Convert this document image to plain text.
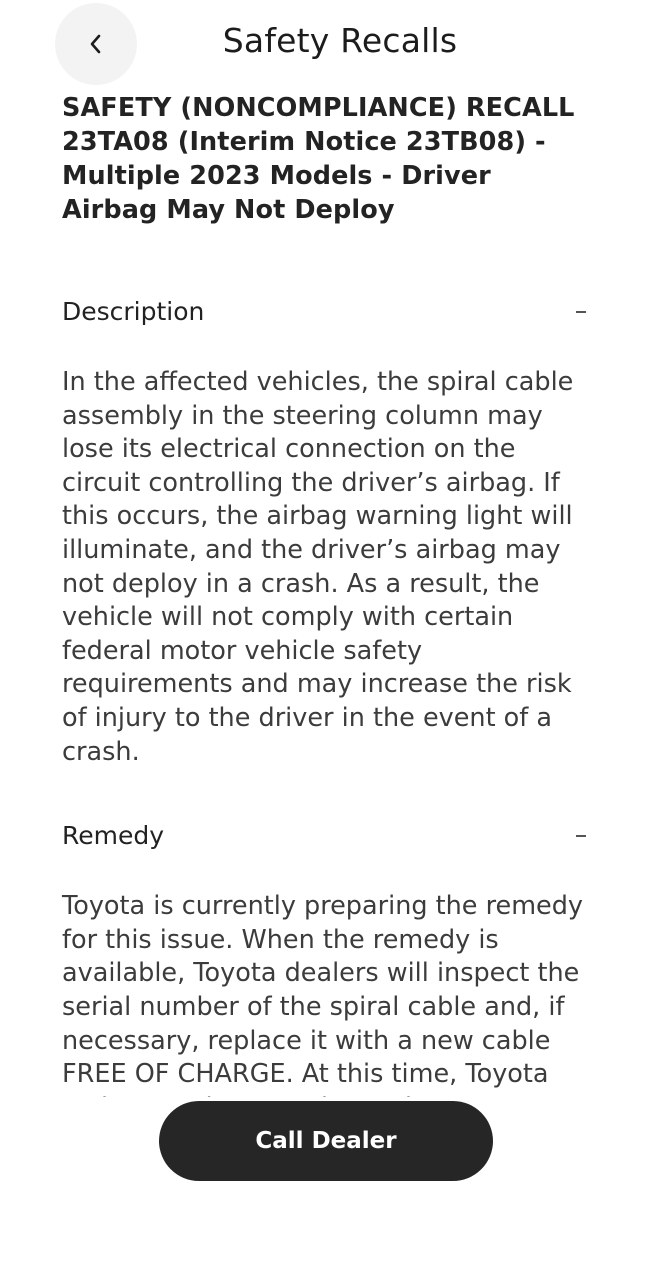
Safety Recalls
SAFETY (NONCOMPLIANCE) RECALL 23TA08 (Interim Notice 23TB08) - Multiple 2023 Models - Driver Airbag May Not Deploy
Description

In the affected vehicles, the spiral cable assembly in the steering column may lose its electrical connection on the circuit controlling the driver’s airbag. If this occurs, the airbag warning light will illuminate, and the driver’s airbag may not deploy in a crash. As a result, the vehicle will not comply with certain federal motor vehicle safety requirements and may increase the risk of injury to the driver in the event of a crash.

Remedy

Toyota is currently preparing the remedy for this issue. When the remedy is available, Toyota dealers will inspect the serial number of the spiral cable and, if necessary, replace it with a new cable FREE OF CHARGE. At this time, Toyota

Call Dealer
